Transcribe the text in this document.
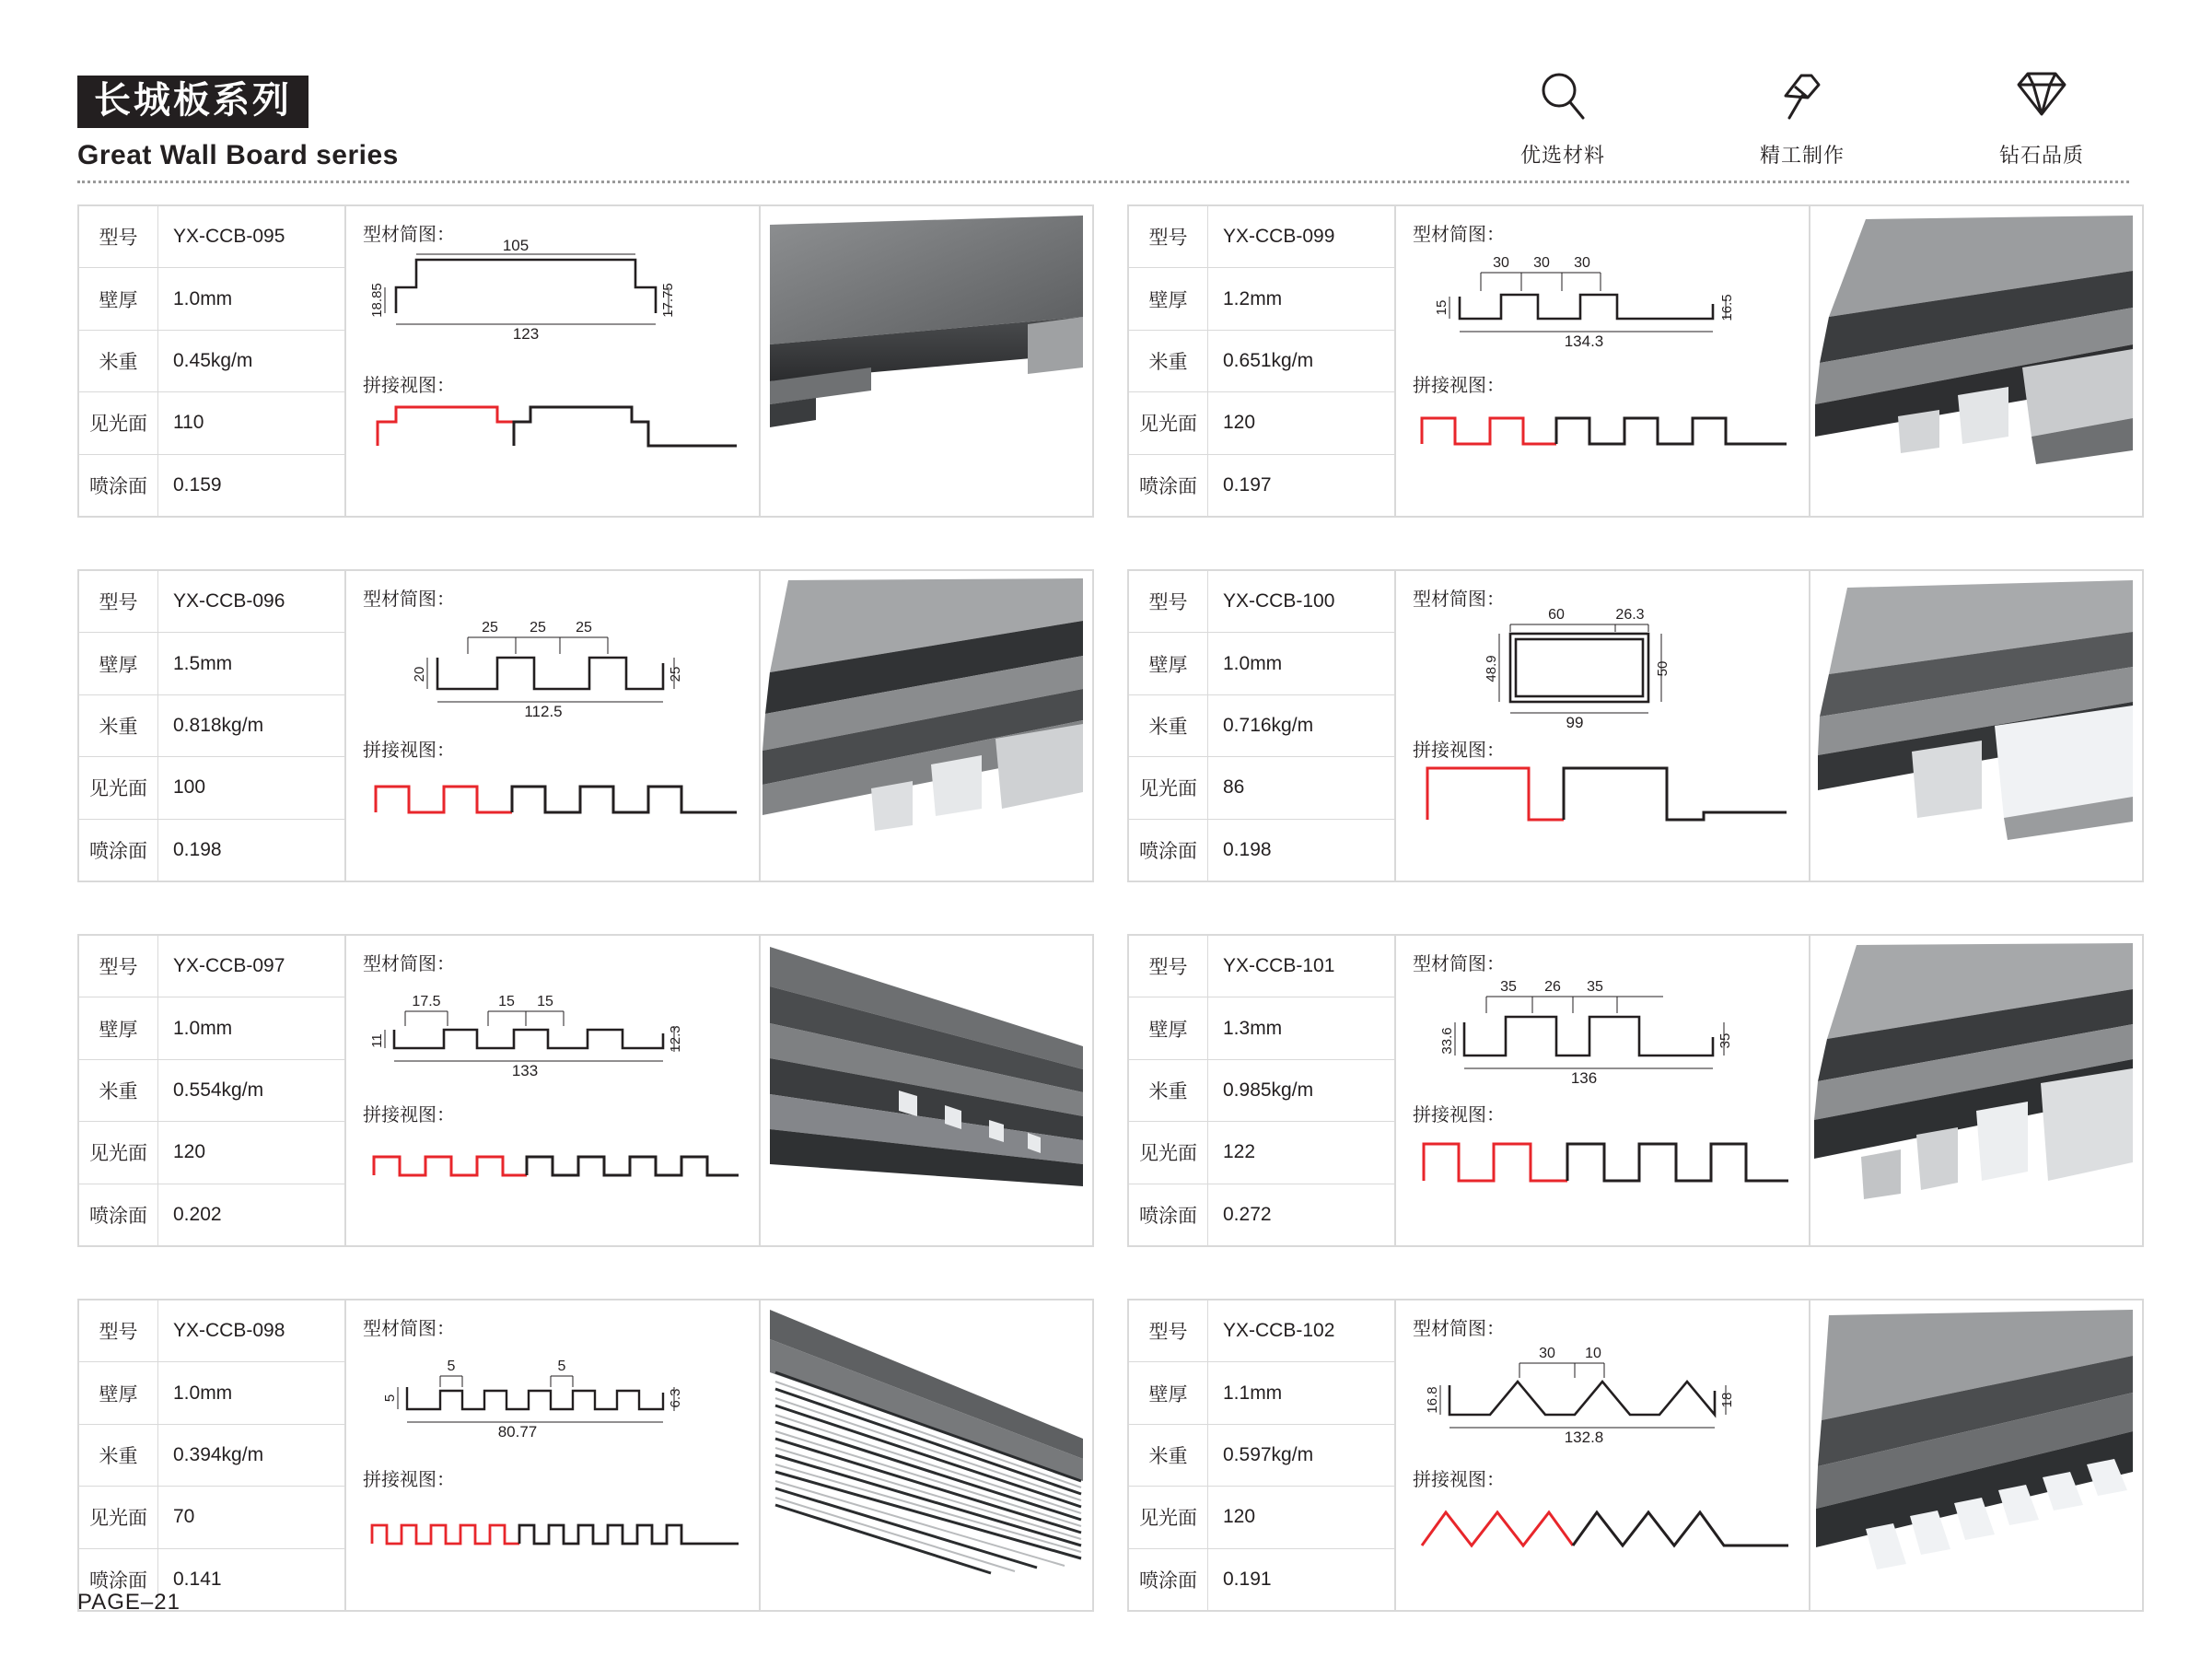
长城板系列
Great Wall Board series	优选材料	精工制作	钻石品质
型号	YX-CCB-095
壁厚	1.0mm
米重	0.45kg/m
见光面	110
喷涂面	0.159
型材简图：
拼接视图：
105
123
18.85	17.75
型号	YX-CCB-099
壁厚	1.2mm
米重	0.651kg/m
见光面	120
喷涂面	0.197
型材简图：
拼接视图：
30 30 30
134.3
15	16.5
型号	YX-CCB-096
壁厚	1.5mm
米重	0.818kg/m
见光面	100
喷涂面	0.198
型材简图：
拼接视图：
25 25 25
112.5
20	25
型号	YX-CCB-100
壁厚	1.0mm
米重	0.716kg/m
见光面	86
喷涂面	0.198
型材简图：
拼接视图：
60	26.3
99
48.9	50
型号	YX-CCB-097
壁厚	1.0mm
米重	0.554kg/m
见光面	120
喷涂面	0.202
型材简图：
拼接视图：
17.5	15 15
133
11	12.3
型号	YX-CCB-101
壁厚	1.3mm
米重	0.985kg/m
见光面	122
喷涂面	0.272
型材简图：
拼接视图：
35 26 35
136
33.6	35
型号	YX-CCB-098
壁厚	1.0mm
米重	0.394kg/m
见光面	70
喷涂面	0.141
型材简图：
拼接视图：
5	5
80.77
5	6.3
型号	YX-CCB-102
壁厚	1.1mm
米重	0.597kg/m
见光面	120
喷涂面	0.191
型材简图：
拼接视图：
30 10
132.8
16.8	18
PAGE–21
